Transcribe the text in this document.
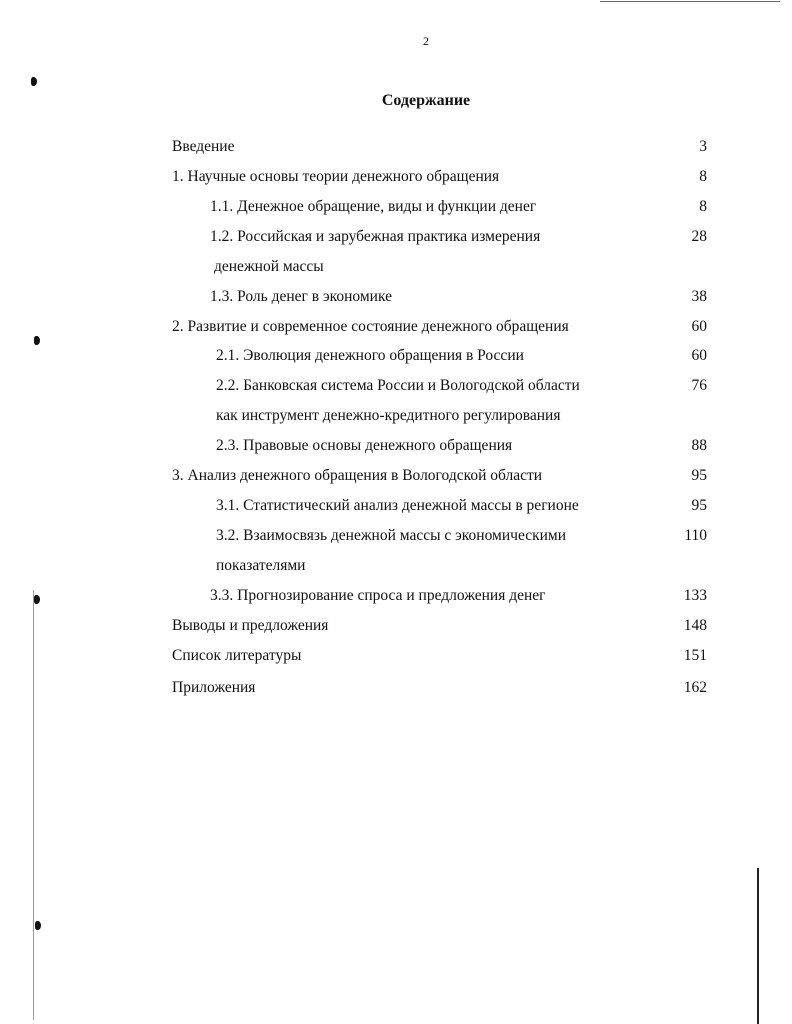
2
Содержание
Введение	3
1. Научные основы теории денежного обращения	8
1.1. Денежное обращение, виды и функции денег	8
1.2. Российская и зарубежная практика измерения	28
денежной массы
1.3. Роль денег в экономике	38
2. Развитие и современное состояние денежного обращения	60
2.1. Эволюция денежного обращения в России	60
2.2. Банковская система России и Вологодской области	76
как инструмент денежно-кредитного регулирования
2.3. Правовые основы денежного обращения	88
3. Анализ денежного обращения в Вологодской области	95
3.1. Статистический анализ денежной массы в регионе	95
3.2. Взаимосвязь денежной массы с экономическими	110
показателями
3.3. Прогнозирование спроса и предложения денег	133
Выводы и предложения	148
Список литературы	151
Приложения	162
